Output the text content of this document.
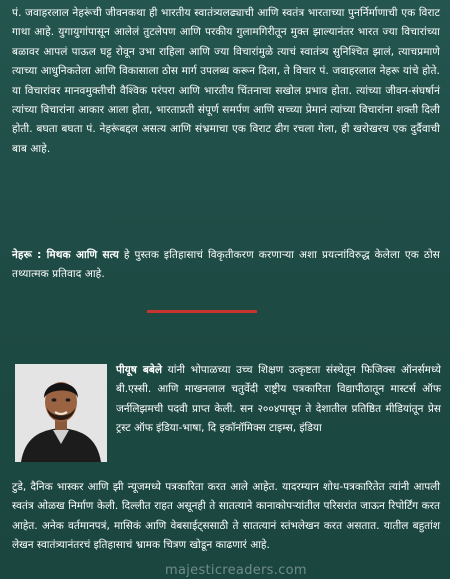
पं. जवाहरलाल नेहरूंची जीवनकथा ही भारतीय स्वातंत्र्यलढ्याची आणि स्वतंत्र भारताच्या पुनर्निर्माणाची एक विराट गाथा आहे. युगायुगांपासून आलेलं तुटलेपण आणि परकीय गुलामगिरीतून मुक्त झाल्यानंतर भारत ज्या विचारांच्या बळावर आपलं पाऊल घट्ट रोवून उभा राहिला आणि ज्या विचारांमुळे त्याचं स्वातंत्र्य सुनिश्चित झालं, त्याचप्रमाणे त्याच्या आधुनिकतेला आणि विकासाला ठोस मार्ग उपलब्ध करून दिला, ते विचार पं. जवाहरलाल नेहरू यांचे होते. या विचारांवर मानवमुक्तीची वैश्विक परंपरा आणि भारतीय चिंतनाचा सखोल प्रभाव होता. त्यांच्या जीवन-संघर्षानं त्यांच्या विचारांना आकार आला होता, भारताप्रती संपूर्ण समर्पण आणि सच्च्या प्रेमानं त्यांच्या विचारांना शक्ती दिली होती. बघता बघता पं. नेहरूंबद्दल असत्य आणि संभ्रमाचा एक विराट ढीग रचला गेला, ही खरोखरच एक दुर्दैवाची बाब आहे.
नेहरू : मिथक आणि सत्य हे पुस्तक इतिहासाचं विकृतीकरण करणाऱ्या अशा प्रयत्नांविरुद्ध केलेला एक ठोस तथ्यात्मक प्रतिवाद आहे.
पीयूष बबेले यांनी भोपाळच्या उच्च शिक्षण उत्कृष्टता संस्थेतून फिजिक्स ऑनर्समध्ये बी.एस्सी. आणि माखनलाल चतुर्वेदी राष्ट्रीय पत्रकारिता विद्यापीठातून मास्टर्स ऑफ जर्नलिझमची पदवी प्राप्त केली. सन २००४पासून ते देशातील प्रतिष्ठित मीडियांतून प्रेस ट्रस्ट ऑफ इंडिया-भाषा, दि इकॉनॉमिक्स टाइम्स, इंडिया
टुडे, दैनिक भास्कर आणि झी न्यूजमध्ये पत्रकारिता करत आले आहेत. यादरम्यान शोध-पत्रकारितेत त्यांनी आपली स्वतंत्र ओळख निर्माण केली. दिल्लीत राहत असूनही ते सातत्याने कानाकोपऱ्यांतील परिसरांत जाऊन रिपोर्टिंग करत आहेत. अनेक वर्तमानपत्रं, मासिकं आणि वेबसाईट्ससाठी ते सातत्यानं स्तंभलेखन करत असतात. यातील बहुतांश लेखन स्वातंत्र्यानंतरचं इतिहासाचं भ्रामक चित्रण खोडून काढणारं आहे.
majesticreaders.com
